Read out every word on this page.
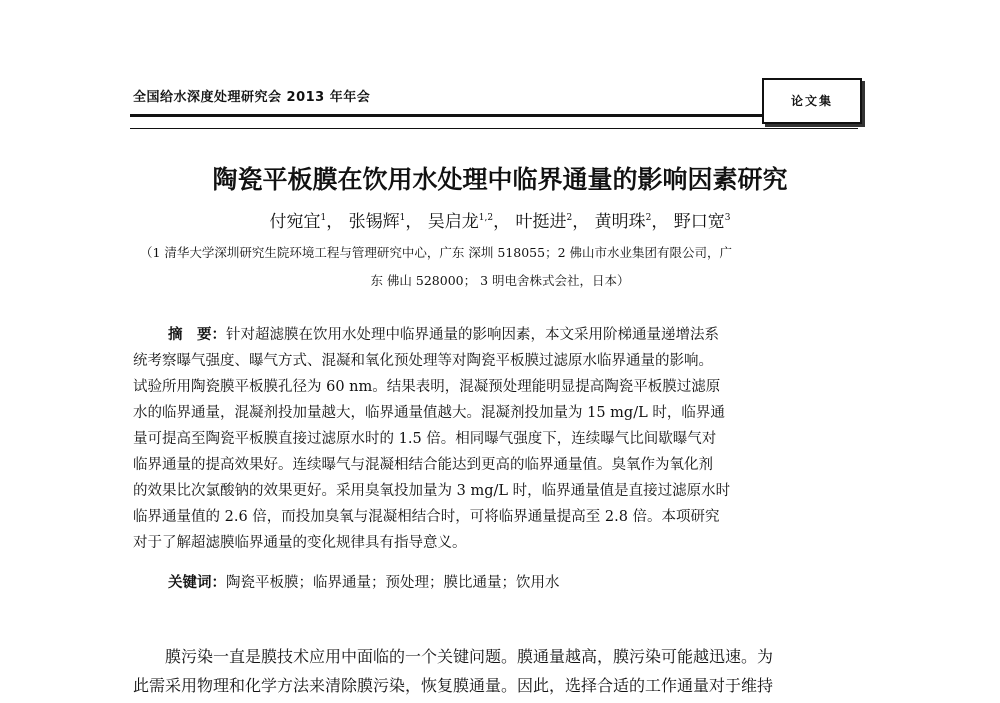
全国给水深度处理研究会 2013 年年会	论文集
陶瓷平板膜在饮用水处理中临界通量的影响因素研究
付宛宜$^1$， 张锡辉$^1$， 吴启龙$^{1,2}$， 叶挺进$^2$， 黄明珠$^2$， 野口宽$^3$
（1 清华大学深圳研究生院环境工程与管理研究中心，广东 深圳 518055；2 佛山市水业集团有限公司，广
东 佛山 528000； 3 明电舍株式会社，日本）
摘　要：针对超滤膜在饮用水处理中临界通量的影响因素，本文采用阶梯通量递增法系
统考察曝气强度、曝气方式、混凝和氧化预处理等对陶瓷平板膜过滤原水临界通量的影响。
试验所用陶瓷膜平板膜孔径为 60 nm。结果表明，混凝预处理能明显提高陶瓷平板膜过滤原
水的临界通量，混凝剂投加量越大，临界通量值越大。混凝剂投加量为 15 mg/L 时，临界通
量可提高至陶瓷平板膜直接过滤原水时的 1.5 倍。相同曝气强度下，连续曝气比间歇曝气对
临界通量的提高效果好。连续曝气与混凝相结合能达到更高的临界通量值。臭氧作为氧化剂
的效果比次氯酸钠的效果更好。采用臭氧投加量为 3 mg/L 时，临界通量值是直接过滤原水时
临界通量值的 2.6 倍，而投加臭氧与混凝相结合时，可将临界通量提高至 2.8 倍。本项研究
对于了解超滤膜临界通量的变化规律具有指导意义。
关键词：陶瓷平板膜；临界通量；预处理；膜比通量；饮用水
　　膜污染一直是膜技术应用中面临的一个关键问题。膜通量越高，膜污染可能越迅速。为
此需采用物理和化学方法来清除膜污染，恢复膜通量。因此，选择合适的工作通量对于维持
